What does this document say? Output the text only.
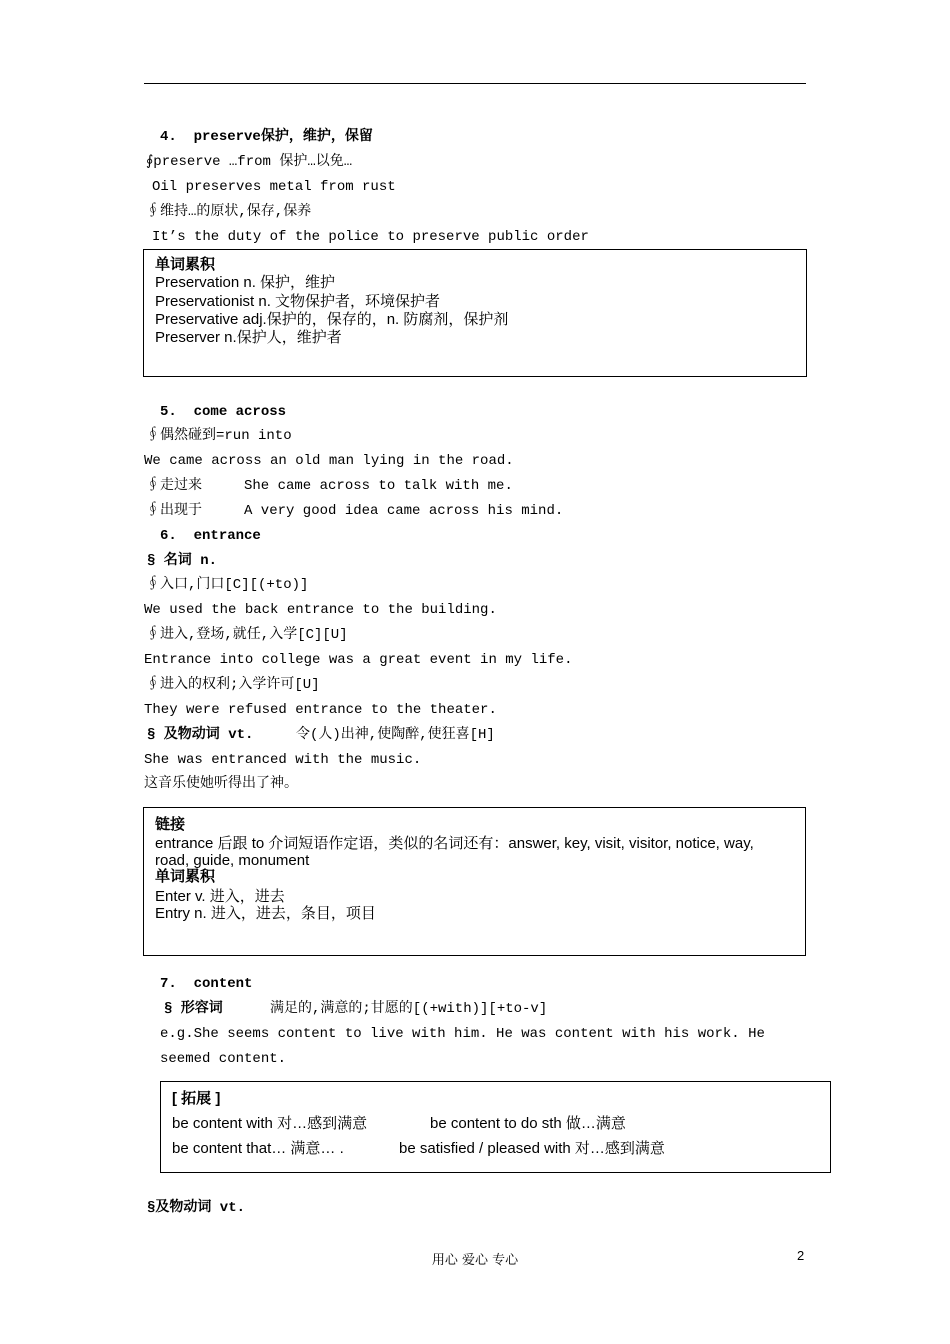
4. preserve保护，维护，保留
∮preserve …from 保护…以免…
Oil preserves metal from rust
∮维持…的原状,保存,保养
It’s the duty of the police to preserve public order
单词累积
Preservation n. 保护，维护
Preservationist n. 文物保护者，环境保护者
Preservative adj.保护的，保存的，n. 防腐剂，保护剂
Preserver n.保护人，维护者
5. come across
∮偶然碰到=run into
We came across an old man lying in the road.
∮走过来	She came across to talk with me.
∮出现于	A very good idea came across his mind.
6. entrance
§ 名词 n.
∮入口,门口[C][(+to)]
We used the back entrance to the building.
∮进入,登场,就任,入学[C][U]
Entrance into college was a great event in my life.
∮进入的权利;入学许可[U]
They were refused entrance to the theater.
§ 及物动词 vt.	令(人)出神,使陶醉,使狂喜[H]
She was entranced with the music.
这音乐使她听得出了神。
链接
entrance 后跟 to 介词短语作定语，类似的名词还有：answer, key, visit, visitor, notice, way,
road, guide, monument
单词累积
Enter v. 进入，进去
Entry n. 进入，进去，条目，项目
7. content
§ 形容词	满足的,满意的;甘愿的[(+with)][+to-v]
e.g.She seems content to live with him. He was content with his work. He
seemed content.
[ 拓展 ]
be content with 对…感到满意	be content to do sth 做…满意
be content that… 满意… .	be satisfied / pleased with 对…感到满意
§及物动词 vt.
用心 爱心 专心	2
